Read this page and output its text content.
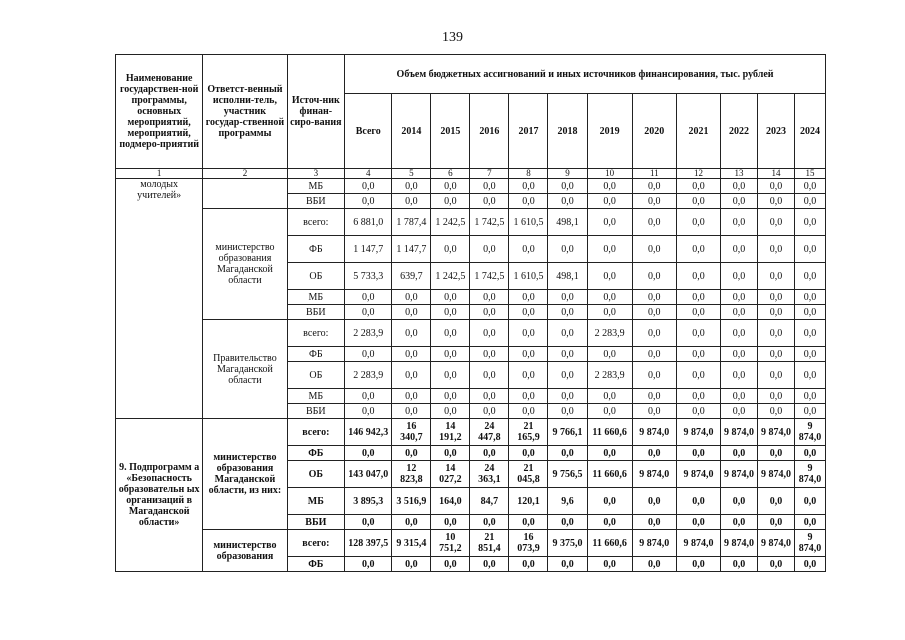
139
Наименование государствен-ной программы, основных мероприятий, мероприятий, подмеро-приятий	Ответст-венный исполни-тель, участник государ-ственной программы	Источ-ник финан-сиро-вания	Объем бюджетных ассигнований и иных источников финансирования, тыс. рублей											
			Всего	2014	2015	2016	2017	2018	2019	2020	2021	2022	2023	2024
1	2	3	4	5	6	7	8	9	10	11	12	13	14	15
молодых учителей»		МБ	0,0	0,0	0,0	0,0	0,0	0,0	0,0	0,0	0,0	0,0	0,0	0,0
		ВБИ	0,0	0,0	0,0	0,0	0,0	0,0	0,0	0,0	0,0	0,0	0,0	0,0
	министерство образования Магаданской области	всего:	6 881,0	1 787,4	1 242,5	1 742,5	1 610,5	498,1	0,0	0,0	0,0	0,0	0,0	0,0
		ФБ	1 147,7	1 147,7	0,0	0,0	0,0	0,0	0,0	0,0	0,0	0,0	0,0	0,0
		ОБ	5 733,3	639,7	1 242,5	1 742,5	1 610,5	498,1	0,0	0,0	0,0	0,0	0,0	0,0
		МБ	0,0	0,0	0,0	0,0	0,0	0,0	0,0	0,0	0,0	0,0	0,0	0,0
		ВБИ	0,0	0,0	0,0	0,0	0,0	0,0	0,0	0,0	0,0	0,0	0,0	0,0
	Правительство Магаданской области	всего:	2 283,9	0,0	0,0	0,0	0,0	0,0	2 283,9	0,0	0,0	0,0	0,0	0,0
		ФБ	0,0	0,0	0,0	0,0	0,0	0,0	0,0	0,0	0,0	0,0	0,0	0,0
		ОБ	2 283,9	0,0	0,0	0,0	0,0	0,0	2 283,9	0,0	0,0	0,0	0,0	0,0
		МБ	0,0	0,0	0,0	0,0	0,0	0,0	0,0	0,0	0,0	0,0	0,0	0,0
		ВБИ	0,0	0,0	0,0	0,0	0,0	0,0	0,0	0,0	0,0	0,0	0,0	0,0
9. Подпрограмм а «Безопасность образовательн ых организаций в Магаданской области»	министерство образования Магаданской области, из них:	всего:	146 942,3	16 340,7	14 191,2	24 447,8	21 165,9	9 766,1	11 660,6	9 874,0	9 874,0	9 874,0	9 874,0	9 874,0
		ФБ	0,0	0,0	0,0	0,0	0,0	0,0	0,0	0,0	0,0	0,0	0,0	0,0
		ОБ	143 047,0	12 823,8	14 027,2	24 363,1	21 045,8	9 756,5	11 660,6	9 874,0	9 874,0	9 874,0	9 874,0	9 874,0
		МБ	3 895,3	3 516,9	164,0	84,7	120,1	9,6	0,0	0,0	0,0	0,0	0,0	0,0
		ВБИ	0,0	0,0	0,0	0,0	0,0	0,0	0,0	0,0	0,0	0,0	0,0	0,0
	министерство образования	всего:	128 397,5	9 315,4	10 751,2	21 851,4	16 073,9	9 375,0	11 660,6	9 874,0	9 874,0	9 874,0	9 874,0	9 874,0
		ФБ	0,0	0,0	0,0	0,0	0,0	0,0	0,0	0,0	0,0	0,0	0,0	0,0
